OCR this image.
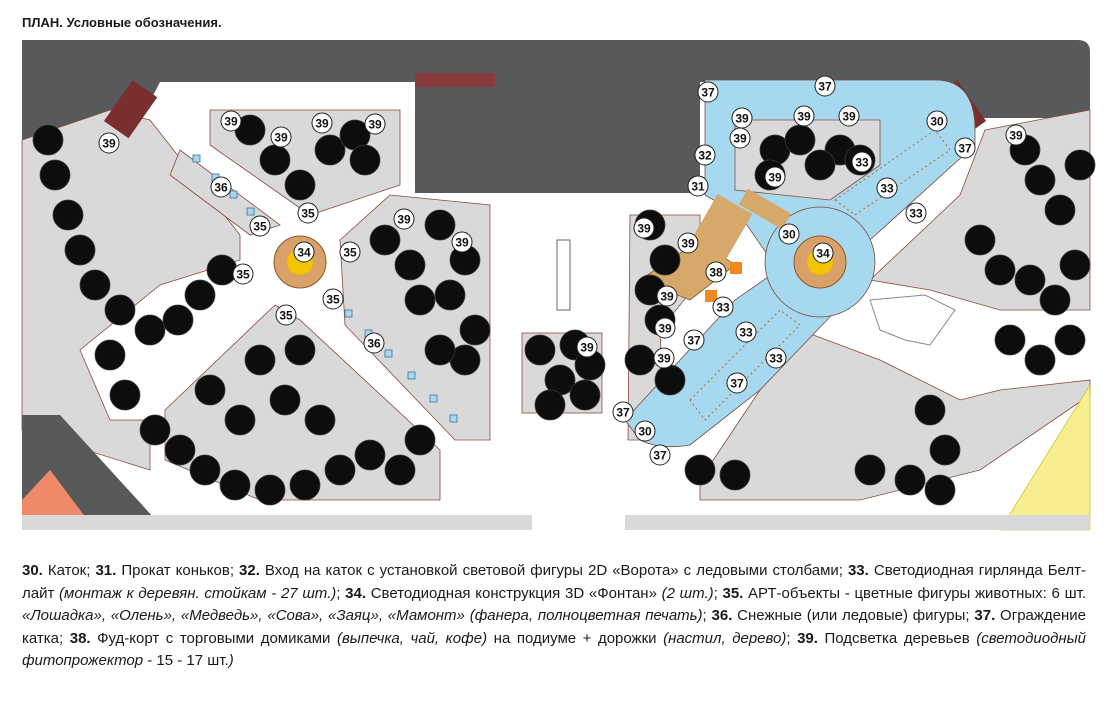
ПЛАН. Условные обозначения.
39
39
39	39
39
36
35
35
34	35
35
35
35
36
39
39
39
37	37
39	39
39	30
32
39
37
33
31
39
33
33
39
39
30
34
38
39
33
39	33
37
39	33
37
37
30
37
39
30. Каток; 31. Прокат коньков; 32. Вход на каток с установкой световой фигуры 2D «Ворота» с ледовыми столбами; 33. Светодиодная гирлянда Белт-лайт (монтаж к деревян. стойкам - 27 шт.); 34. Светодиодная конструкция 3D «Фонтан» (2 шт.); 35. АРТ-объекты - цветные фигуры животных: 6 шт. «Лошадка», «Олень», «Медведь», «Сова», «Заяц», «Мамонт» (фанера, полноцветная печать); 36. Снежные (или ледовые) фигуры; 37. Ограждение катка; 38. Фуд-корт с торговыми домиками (выпечка, чай, кофе) на подиуме + дорожки (настил, дерево); 39. Подсветка деревьев (светодиодный фитопрожектор - 15 - 17 шт.)
